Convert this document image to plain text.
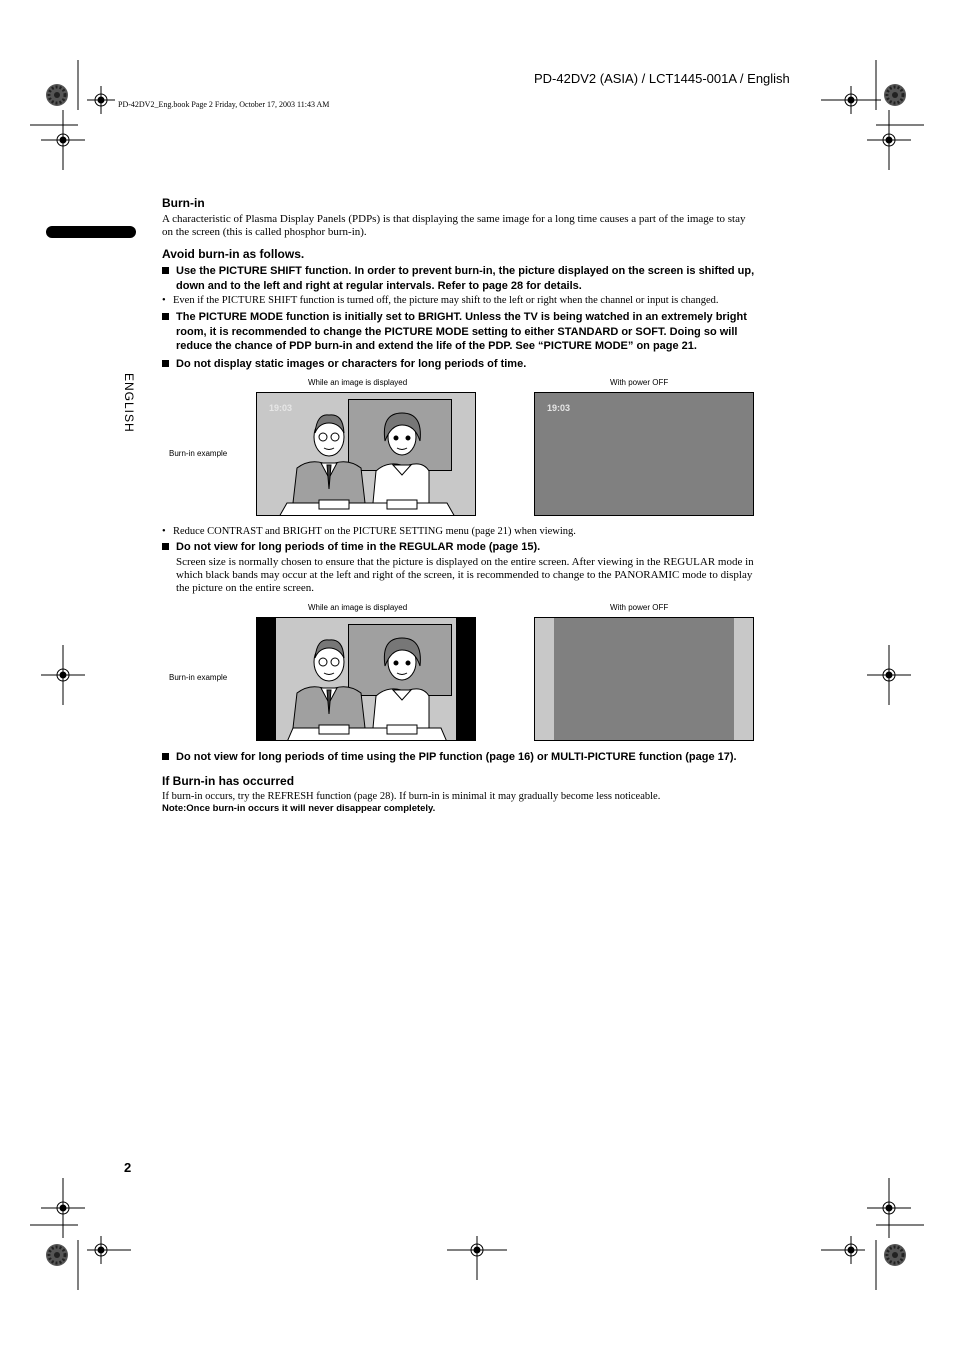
PD-42DV2 (ASIA) / LCT1445-001A / English
PD-42DV2_Eng.book Page 2 Friday, October 17, 2003 11:43 AM
ENGLISH
Burn-in
A characteristic of Plasma Display Panels (PDPs) is that displaying the same image for a long time causes a part of the image to stay
on the screen (this is called phosphor burn-in).
Avoid burn-in as follows.
Use the PICTURE SHIFT function. In order to prevent burn-in, the picture displayed on the screen is shifted up,
down and to the left and right at regular intervals. Refer to page 28 for details.
• Even if the PICTURE SHIFT function is turned off, the picture may shift to the left or right when the channel or input is changed.
The PICTURE MODE function is initially set to BRIGHT. Unless the TV is being watched in an extremely bright
room, it is recommended to change the PICTURE MODE setting to either STANDARD or SOFT. Doing so will
reduce the chance of PDP burn-in and extend the life of the PDP. See “PICTURE MODE” on page 21.
Do not display static images or characters for long periods of time.
While an image is displayed	With power OFF
Burn-in example
19:03	19:03
• Reduce CONTRAST and BRIGHT on the PICTURE SETTING menu (page 21) when viewing.
Do not view for long periods of time in the REGULAR mode (page 15).
Screen size is normally chosen to ensure that the picture is displayed on the entire screen. After viewing in the REGULAR mode in
which black bands may occur at the left and right of the screen, it is recommended to change to the PANORAMIC mode to display
the picture on the entire screen.
While an image is displayed	With power OFF
Burn-in example
Do not view for long periods of time using the PIP function (page 16) or MULTI-PICTURE function (page 17).
If Burn-in has occurred
If burn-in occurs, try the REFRESH function (page 28). If burn-in is minimal it may gradually become less noticeable.
Note:Once burn-in occurs it will never disappear completely.
2
